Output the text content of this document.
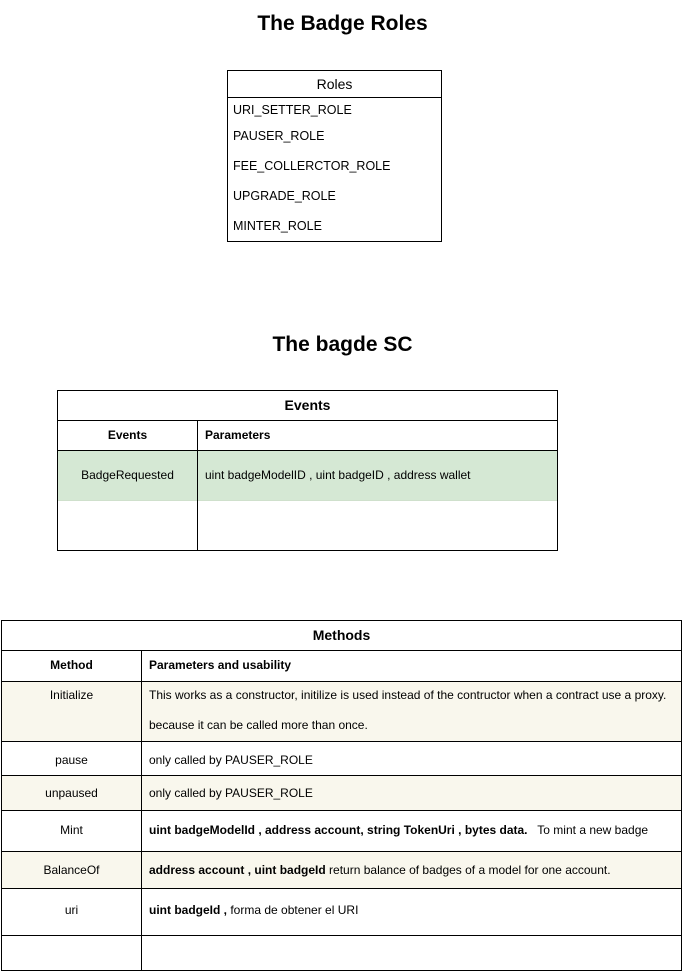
The Badge Roles
Roles
URI_SETTER_ROLE
PAUSER_ROLE
FEE_COLLERCTOR_ROLE
UPGRADE_ROLE
MINTER_ROLE
The bagde SC
Events
Events	Parameters
BadgeRequested	uint badgeModelID , uint badgeID , address wallet
Methods
Method	Parameters and usability
Initialize	This works as a constructor, initilize is used instead of the contructor when a contract use a proxy.
because it can be called more than once.
pause	only called by PAUSER_ROLE
unpaused	only called by PAUSER_ROLE
Mint	uint badgeModelId , address account, string TokenUri , bytes data.   To mint a new badge
BalanceOf	address account , uint badgeId return balance of badges of a model for one account.
uri	uint badgeId , forma de obtener el URI
